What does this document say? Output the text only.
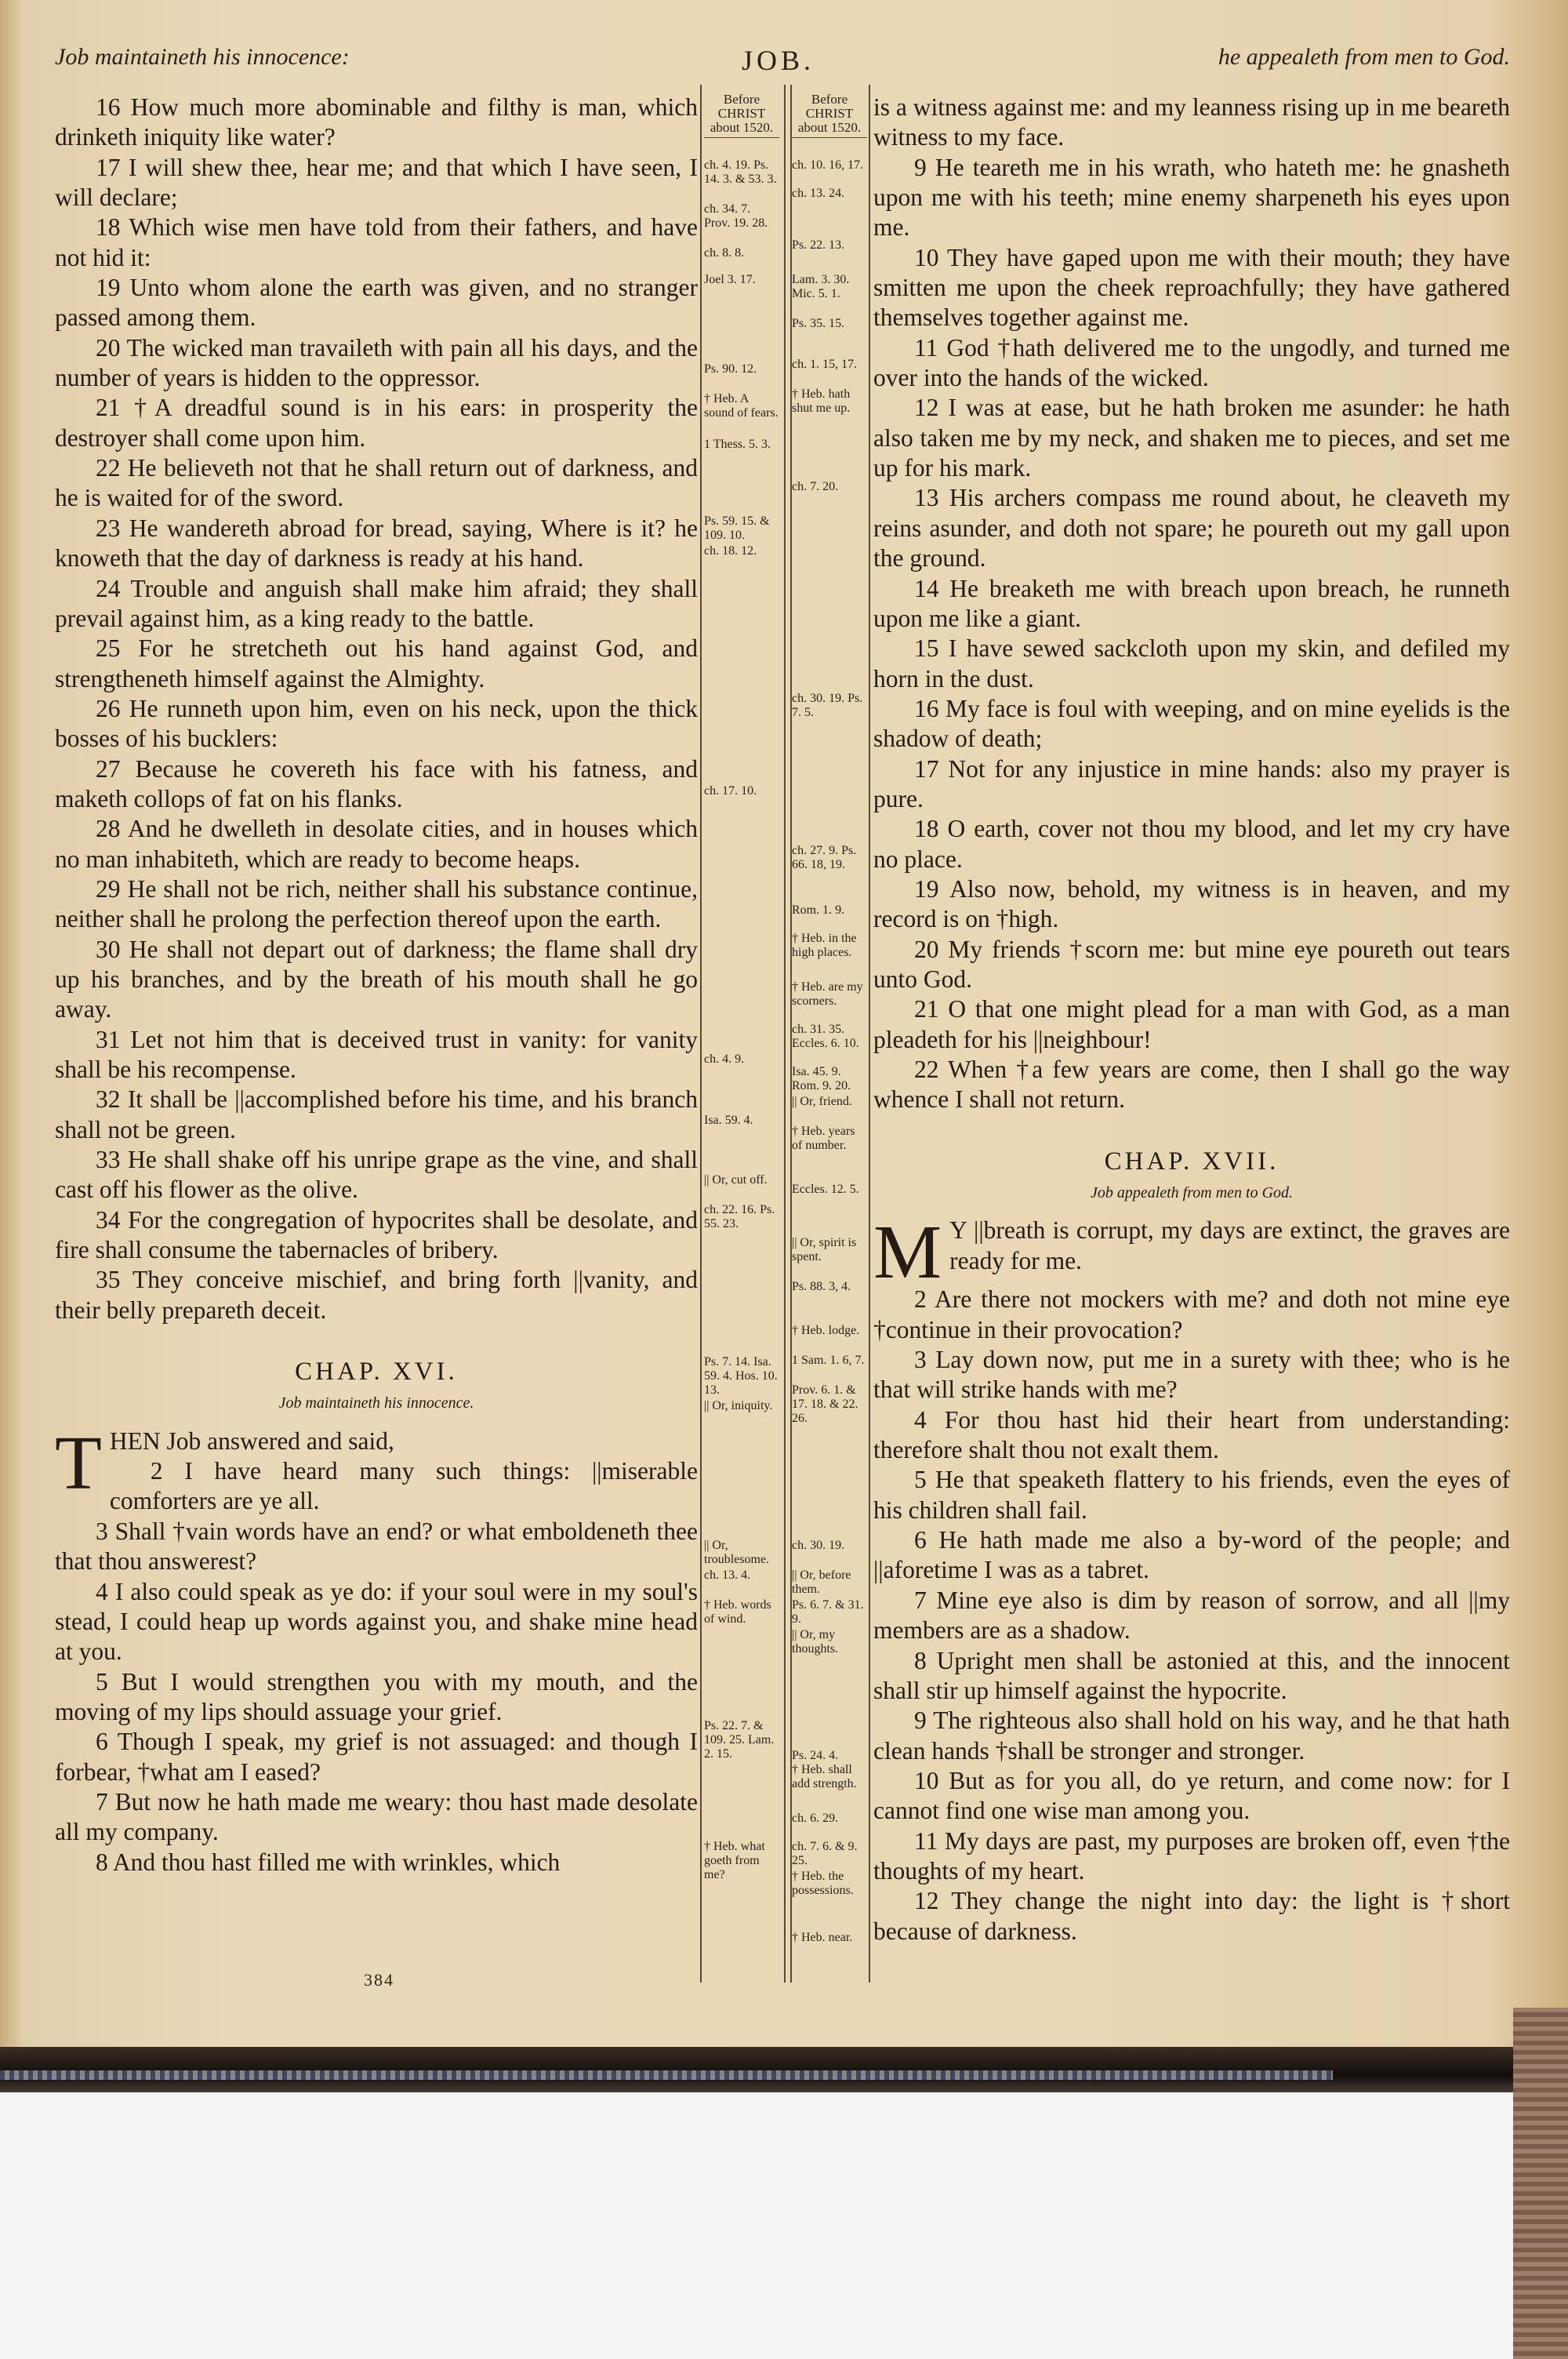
Job maintaineth his innocence:	JOB.	he appealeth from men to God.

16 How much more abominable and filthy is man, which drinketh iniquity like water?

17 I will shew thee, hear me; and that which I have seen, I will declare;

18 Which wise men have told from their fathers, and have not hid it:

19 Unto whom alone the earth was given, and no stranger passed among them.

20 The wicked man travaileth with pain all his days, and the number of years is hidden to the oppressor.

21 †A dreadful sound is in his ears: in prosperity the destroyer shall come upon him.

22 He believeth not that he shall return out of darkness, and he is waited for of the sword.

23 He wandereth abroad for bread, saying, Where is it? he knoweth that the day of darkness is ready at his hand.

24 Trouble and anguish shall make him afraid; they shall prevail against him, as a king ready to the battle.

25 For he stretcheth out his hand against God, and strengtheneth himself against the Almighty.

26 He runneth upon him, even on his neck, upon the thick bosses of his bucklers:

27 Because he covereth his face with his fatness, and maketh collops of fat on his flanks.

28 And he dwelleth in desolate cities, and in houses which no man inhabiteth, which are ready to become heaps.

29 He shall not be rich, neither shall his substance continue, neither shall he prolong the perfection thereof upon the earth.

30 He shall not depart out of darkness; the flame shall dry up his branches, and by the breath of his mouth shall he go away.

31 Let not him that is deceived trust in vanity: for vanity shall be his recompense.

32 It shall be ||accomplished before his time, and his branch shall not be green.

33 He shall shake off his unripe grape as the vine, and shall cast off his flower as the olive.

34 For the congregation of hypocrites shall be desolate, and fire shall consume the tabernacles of bribery.

35 They conceive mischief, and bring forth ||vanity, and their belly prepareth deceit.

CHAP. XVI.
Job maintaineth his innocence.
T HEN Job answered and said,

2 I have heard many such things: ||miserable comforters are ye all.

3 Shall †vain words have an end? or what emboldeneth thee that thou answerest?

4 I also could speak as ye do: if your soul were in my soul's stead, I could heap up words against you, and shake mine head at you.

5 But I would strengthen you with my mouth, and the moving of my lips should assuage your grief.

6 Though I speak, my grief is not assuaged: and though I forbear, †what am I eased?

7 But now he hath made me weary: thou hast made desolate all my company.

8 And thou hast filled me with wrinkles, which

Before
CHRIST
about 1520.
ch. 4. 19. Ps. 14. 3. & 53. 3.
ch. 34. 7. Prov. 19. 28.
ch. 8. 8.
Joel 3. 17.
Ps. 90. 12.
† Heb. A sound of fears.
1 Thess. 5. 3.
Ps. 59. 15. & 109. 10.
ch. 18. 12.
ch. 17. 10.
ch. 4. 9.
Isa. 59. 4.
|| Or, cut off.
ch. 22. 16. Ps. 55. 23.
Ps. 7. 14. Isa. 59. 4. Hos. 10. 13.
|| Or, iniquity.
|| Or, troublesome.
ch. 13. 4.
† Heb. words of wind.
Ps. 22. 7. & 109. 25. Lam. 2. 15.
† Heb. what goeth from me?
Before
CHRIST
about 1520.
ch. 10. 16, 17.
ch. 13. 24.
Ps. 22. 13.
Lam. 3. 30. Mic. 5. 1.
Ps. 35. 15.
ch. 1. 15, 17.
† Heb. hath shut me up.
ch. 7. 20.
ch. 30. 19. Ps. 7. 5.
ch. 27. 9. Ps. 66. 18, 19.
Rom. 1. 9.
† Heb. in the high places.
† Heb. are my scorners.
ch. 31. 35. Eccles. 6. 10.
Isa. 45. 9. Rom. 9. 20.
|| Or, friend.
† Heb. years of number.
Eccles. 12. 5.
|| Or, spirit is spent.
Ps. 88. 3, 4.
† Heb. lodge.
1 Sam. 1. 6, 7.
Prov. 6. 1. & 17. 18. & 22. 26.
ch. 30. 19.
|| Or, before them.
Ps. 6. 7. & 31. 9.
|| Or, my thoughts.
Ps. 24. 4.
† Heb. shall add strength.
ch. 6. 29.
ch. 7. 6. & 9. 25.
† Heb. the possessions.
† Heb. near.

is a witness against me: and my leanness rising up in me beareth witness to my face.

9 He teareth me in his wrath, who hateth me: he gnasheth upon me with his teeth; mine enemy sharpeneth his eyes upon me.

10 They have gaped upon me with their mouth; they have smitten me upon the cheek reproachfully; they have gathered themselves together against me.

11 God †hath delivered me to the ungodly, and turned me over into the hands of the wicked.

12 I was at ease, but he hath broken me asunder: he hath also taken me by my neck, and shaken me to pieces, and set me up for his mark.

13 His archers compass me round about, he cleaveth my reins asunder, and doth not spare; he poureth out my gall upon the ground.

14 He breaketh me with breach upon breach, he runneth upon me like a giant.

15 I have sewed sackcloth upon my skin, and defiled my horn in the dust.

16 My face is foul with weeping, and on mine eyelids is the shadow of death;

17 Not for any injustice in mine hands: also my prayer is pure.

18 O earth, cover not thou my blood, and let my cry have no place.

19 Also now, behold, my witness is in heaven, and my record is on †high.

20 My friends †scorn me: but mine eye poureth out tears unto God.

21 O that one might plead for a man with God, as a man pleadeth for his ||neighbour!

22 When †a few years are come, then I shall go the way whence I shall not return.

CHAP. XVII.
Job appealeth from men to God.
M Y ||breath is corrupt, my days are extinct, the graves are ready for me.

2 Are there not mockers with me? and doth not mine eye †continue in their provocation?

3 Lay down now, put me in a surety with thee; who is he that will strike hands with me?

4 For thou hast hid their heart from understanding: therefore shalt thou not exalt them.

5 He that speaketh flattery to his friends, even the eyes of his children shall fail.

6 He hath made me also a by-word of the people; and ||aforetime I was as a tabret.

7 Mine eye also is dim by reason of sorrow, and all ||my members are as a shadow.

8 Upright men shall be astonied at this, and the innocent shall stir up himself against the hypocrite.

9 The righteous also shall hold on his way, and he that hath clean hands †shall be stronger and stronger.

10 But as for you all, do ye return, and come now: for I cannot find one wise man among you.

11 My days are past, my purposes are broken off, even †the thoughts of my heart.

12 They change the night into day: the light is †short because of darkness.

384
